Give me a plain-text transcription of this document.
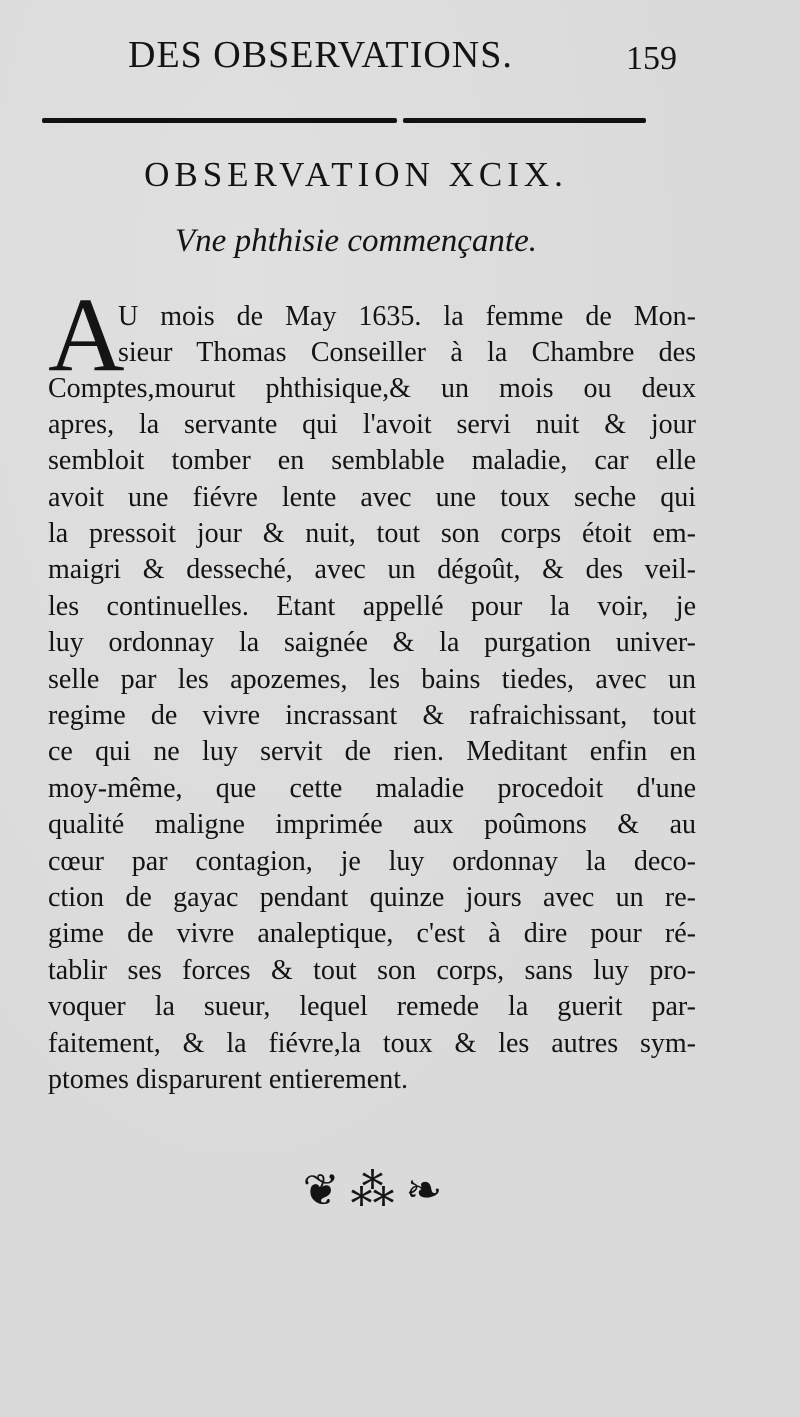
DES OBSERVATIONS.	159
OBSERVATION XCIX.
Vne phthisie commençante.
A
U mois de May 1635. la femme de Mon-
sieur Thomas Conseiller à la Chambre des
Comptes,mourut phthisique,& un mois ou deux
apres, la servante qui l'avoit servi nuit & jour
sembloit tomber en semblable maladie, car elle
avoit une fiévre lente avec une toux seche qui
la pressoit jour & nuit, tout son corps étoit em-
maigri & desseché, avec un dégoût, & des veil-
les continuelles. Etant appellé pour la voir, je
luy ordonnay la saignée & la purgation univer-
selle par les apozemes, les bains tiedes, avec un
regime de vivre incrassant & rafraichissant, tout
ce qui ne luy servit de rien. Meditant enfin en
moy-même, que cette maladie procedoit d'une
qualité maligne imprimée aux poûmons & au
cœur par contagion, je luy ordonnay la deco-
ction de gayac pendant quinze jours avec un re-
gime de vivre analeptique, c'est à dire pour ré-
tablir ses forces & tout son corps, sans luy pro-
voquer la sueur, lequel remede la guerit par-
faitement, & la fiévre,la toux & les autres sym-
ptomes disparurent entierement.
❦ ⁂ ❧
